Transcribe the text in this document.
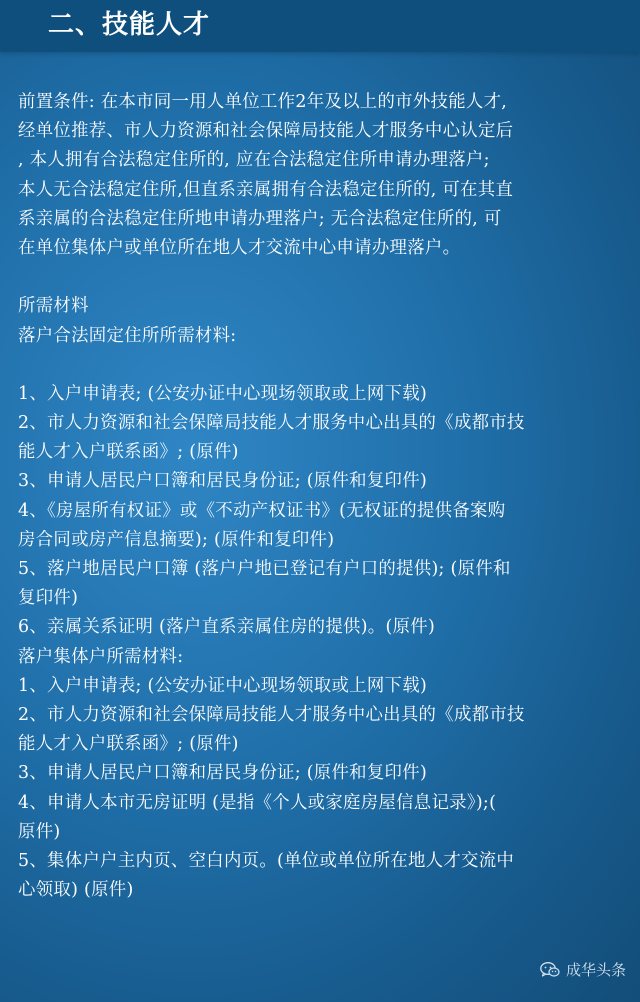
二、技能人才
前置条件: 在本市同一用人单位工作2年及以上的市外技能人才,
经单位推荐、市人力资源和社会保障局技能人才服务中心认定后
, 本人拥有合法稳定住所的, 应在合法稳定住所申请办理落户;
本人无合法稳定住所,但直系亲属拥有合法稳定住所的, 可在其直
系亲属的合法稳定住所地申请办理落户; 无合法稳定住所的, 可
在单位集体户或单位所在地人才交流中心申请办理落户。
所需材料
落户合法固定住所所需材料:
1、入户申请表; (公安办证中心现场领取或上网下载)
2、市人力资源和社会保障局技能人才服务中心出具的《成都市技
能人才入户联系函》; (原件)
3、申请人居民户口簿和居民身份证; (原件和复印件)
4、《房屋所有权证》或《不动产权证书》(无权证的提供备案购
房合同或房产信息摘要); (原件和复印件)
5、落户地居民户口簿 (落户户地已登记有户口的提供); (原件和
复印件)
6、亲属关系证明 (落户直系亲属住房的提供)。(原件)
落户集体户所需材料:
1、入户申请表; (公安办证中心现场领取或上网下载)
2、市人力资源和社会保障局技能人才服务中心出具的《成都市技
能人才入户联系函》; (原件)
3、申请人居民户口簿和居民身份证; (原件和复印件)
4、申请人本市无房证明 (是指《个人或家庭房屋信息记录》);(
原件)
5、集体户户主内页、空白内页。(单位或单位所在地人才交流中
心领取) (原件)
成华头条
